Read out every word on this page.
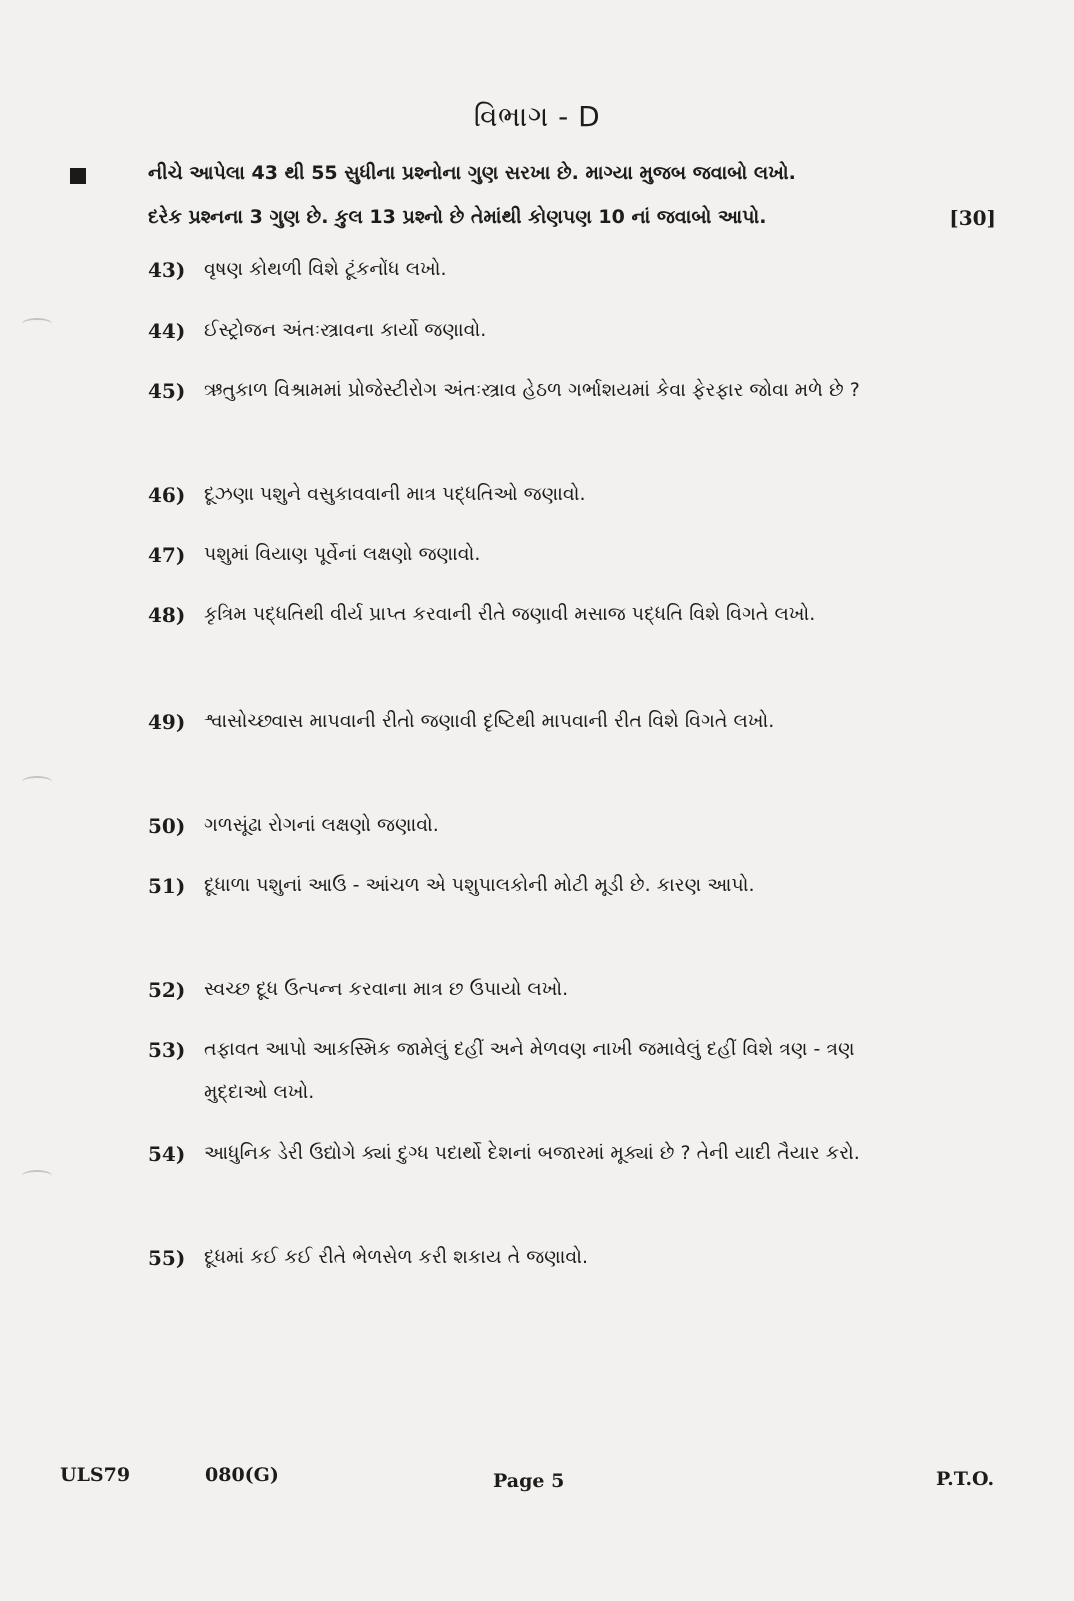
વિભાગ - D
નીચે આપેલા 43 થી 55 સુધીના પ્રશ્નોના ગુણ સરખા છે. માગ્યા મુજબ જવાબો લખો.
દરેક પ્રશ્નના 3 ગુણ છે. કુલ 13 પ્રશ્નો છે તેમાંથી કોણપણ 10 નાં જવાબો આપો.	[30]
43) વૃષણ કોથળી વિશે ટૂંકનોંધ લખો.
44) ઈસ્ટ્રોજન અંતઃસ્ત્રાવના કાર્યો જણાવો.
45) ઋતુકાળ વિશ્રામમાં પ્રોજેસ્ટીરોગ અંતઃસ્ત્રાવ હેઠળ ગર્ભાશયમાં કેવા ફેરફાર જોવા મળે છે ?
46) દૂઝણા પશુને વસુકાવવાની માત્ર પદ્ધતિઓ જણાવો.
47) પશુમાં વિયાણ પૂર્વેનાં લક્ષણો જણાવો.
48) કૃત્રિમ પદ્ધતિથી વીર્ય પ્રાપ્ત કરવાની રીતે જણાવી મસાજ પદ્ધતિ વિશે વિગતે લખો.
49) શ્વાસોચ્છ્વાસ માપવાની રીતો જણાવી દૃષ્ટિથી માપવાની રીત વિશે વિગતે લખો.
50) ગળસૂંઢા રોગનાં લક્ષણો જણાવો.
51) દૂધાળા પશુનાં આઉ - આંચળ એ પશુપાલકોની મોટી મૂડી છે. કારણ આપો.
52) સ્વચ્છ દૂધ ઉત્પન્ન કરવાના માત્ર છ ઉપાયો લખો.
53) તફાવત આપો આકસ્મિક જામેલું દહીં અને મેળવણ નાખી જમાવેલું દહીં વિશે ત્રણ - ત્રણ મુદ્દાઓ લખો.
54) આધુનિક ડેરી ઉદ્યોગે ક્યાં દુગ્ધ પદાર્થો દેશનાં બજારમાં મૂક્યાં છે ? તેની યાદી તૈયાર કરો.
55) દૂધમાં કઈ કઈ રીતે ભેળસેળ કરી શકાય તે જણાવો.
ULS79	080(G)	Page 5	P.T.O.
